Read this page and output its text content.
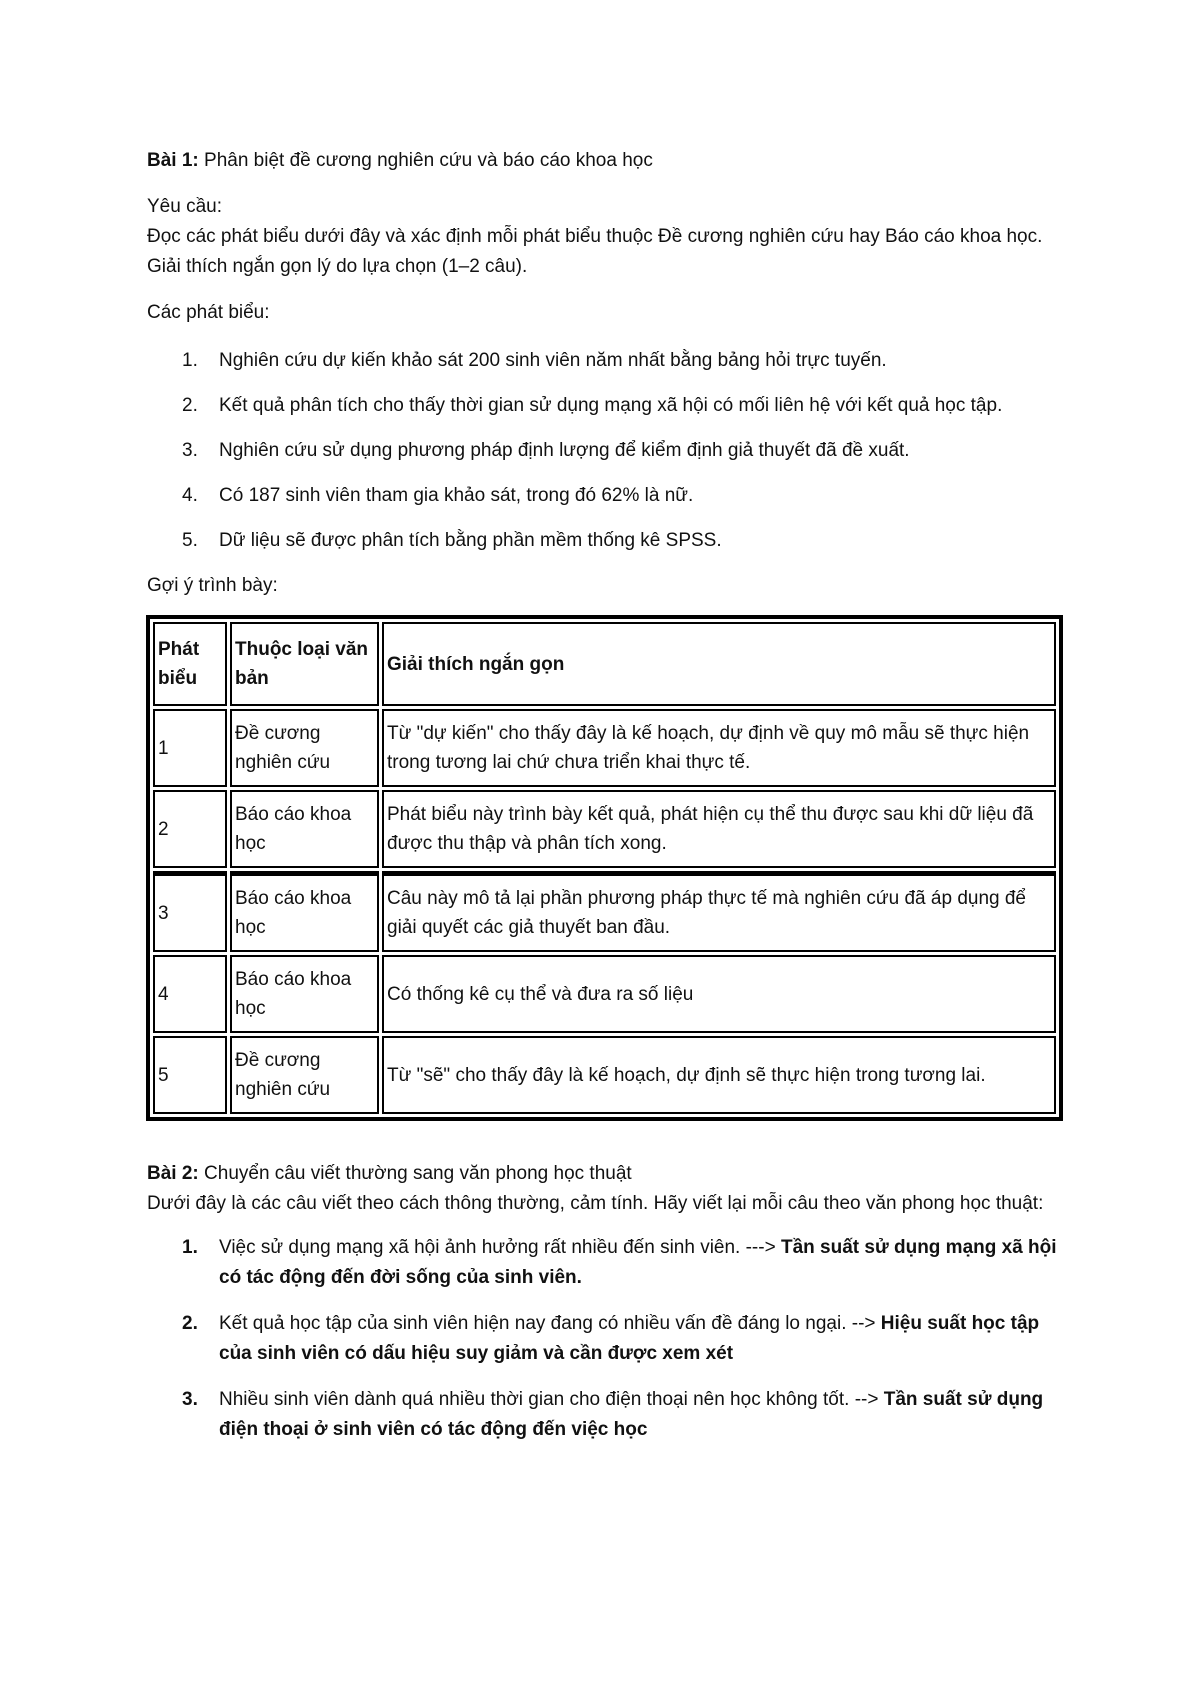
Bài 1: Phân biệt đề cương nghiên cứu và báo cáo khoa học

Yêu cầu:

Đọc các phát biểu dưới đây và xác định mỗi phát biểu thuộc Đề cương nghiên cứu hay Báo cáo khoa học. Giải thích ngắn gọn lý do lựa chọn (1–2 câu).

Các phát biểu:

1. Nghiên cứu dự kiến khảo sát 200 sinh viên năm nhất bằng bảng hỏi trực tuyến.
2. Kết quả phân tích cho thấy thời gian sử dụng mạng xã hội có mối liên hệ với kết quả học tập.
3. Nghiên cứu sử dụng phương pháp định lượng để kiểm định giả thuyết đã đề xuất.
4. Có 187 sinh viên tham gia khảo sát, trong đó 62% là nữ.
5. Dữ liệu sẽ được phân tích bằng phần mềm thống kê SPSS.

Gợi ý trình bày:

Phát biểu	Thuộc loại văn bản	Giải thích ngắn gọn
1	Đề cương nghiên cứu	Từ "dự kiến" cho thấy đây là kế hoạch, dự định về quy mô mẫu sẽ thực hiện trong tương lai chứ chưa triển khai thực tế.
2	Báo cáo khoa học	Phát biểu này trình bày kết quả, phát hiện cụ thể thu được sau khi dữ liệu đã được thu thập và phân tích xong.
3	Báo cáo khoa học	Câu này mô tả lại phần phương pháp thực tế mà nghiên cứu đã áp dụng để giải quyết các giả thuyết ban đầu.
4	Báo cáo khoa học	Có thống kê cụ thể và đưa ra số liệu
5	Đề cương nghiên cứu	Từ "sẽ" cho thấy đây là kế hoạch, dự định sẽ thực hiện trong tương lai.

Bài 2: Chuyển câu viết thường sang văn phong học thuật

Dưới đây là các câu viết theo cách thông thường, cảm tính. Hãy viết lại mỗi câu theo văn phong học thuật:

1. Việc sử dụng mạng xã hội ảnh hưởng rất nhiều đến sinh viên. ---> Tần suất sử dụng mạng xã hội có tác động đến đời sống của sinh viên.
2. Kết quả học tập của sinh viên hiện nay đang có nhiều vấn đề đáng lo ngại. --> Hiệu suất học tập của sinh viên có dấu hiệu suy giảm và cần được xem xét
3. Nhiều sinh viên dành quá nhiều thời gian cho điện thoại nên học không tốt. --> Tần suất sử dụng điện thoại ở sinh viên có tác động đến việc học
